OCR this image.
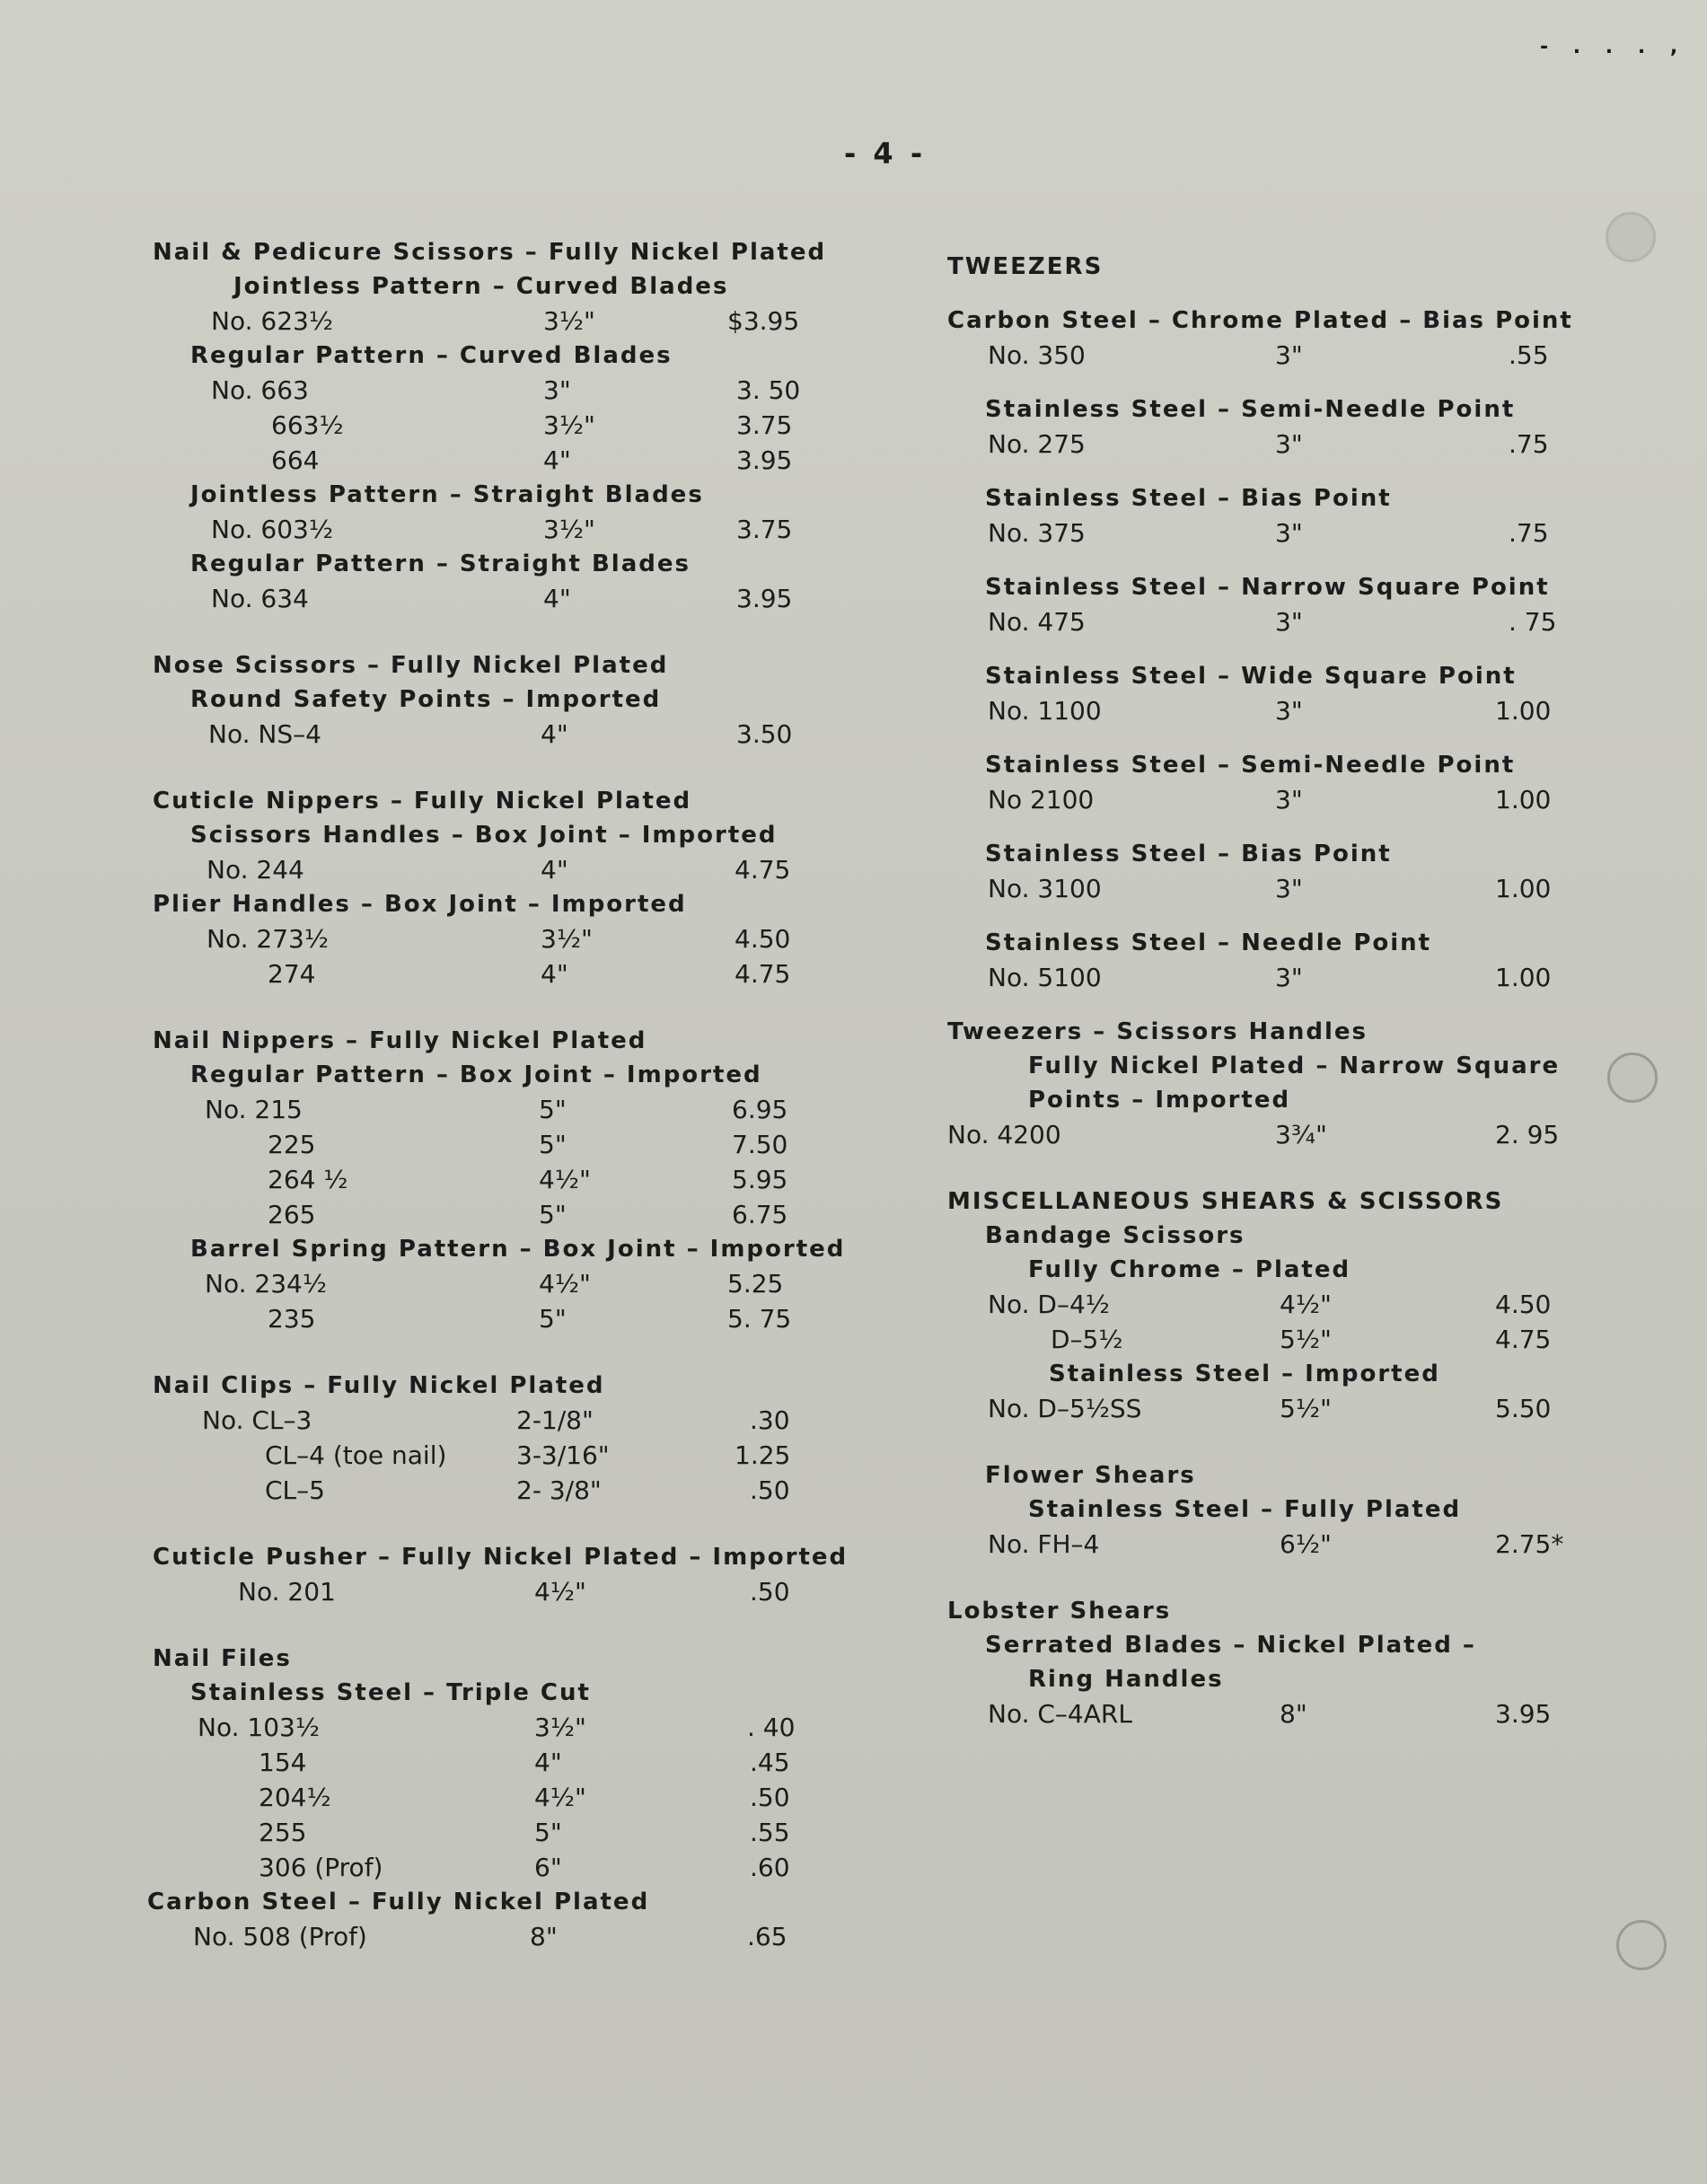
- . . . ,
- 4 -
Nail & Pedicure Scissors – Fully Nickel Plated
Jointless Pattern – Curved Blades
No. 623½	3½"	$3.95
Regular Pattern – Curved Blades
No. 663	3"	3. 50
663½	3½"	3.75
664	4"	3.95
Jointless Pattern – Straight Blades
No. 603½	3½"	3.75
Regular Pattern – Straight Blades
No. 634	4"	3.95
Nose Scissors – Fully Nickel Plated
Round Safety Points – Imported
No. NS–4	4"	3.50
Cuticle Nippers – Fully Nickel Plated
Scissors Handles – Box Joint – Imported
No. 244	4"	4.75
Plier Handles – Box Joint – Imported
No. 273½	3½"	4.50
274	4"	4.75
Nail Nippers – Fully Nickel Plated
Regular Pattern – Box Joint – Imported
No. 215	5"	6.95
225	5"	7.50
264 ½	4½"	5.95
265	5"	6.75
Barrel Spring Pattern – Box Joint – Imported
No. 234½	4½"	5.25
235	5"	5. 75
Nail Clips – Fully Nickel Plated
No. CL–3	2-1/8"	.30
CL–4 (toe nail)	3-3/16"	1.25
CL–5	2- 3/8"	.50
Cuticle Pusher – Fully Nickel Plated – Imported
No. 201	4½"	.50
Nail Files
Stainless Steel – Triple Cut
No. 103½	3½"	. 40
154	4"	.45
204½	4½"	.50
255	5"	.55
306 (Prof)	6"	.60
Carbon Steel – Fully Nickel Plated
No. 508 (Prof)	8"	.65
TWEEZERS
Carbon Steel – Chrome Plated – Bias Point
No. 350	3"	.55
Stainless Steel – Semi-Needle Point
No. 275	3"	.75
Stainless Steel – Bias Point
No. 375	3"	.75
Stainless Steel – Narrow Square Point
No. 475	3"	. 75
Stainless Steel – Wide Square Point
No. 1100	3"	1.00
Stainless Steel – Semi-Needle Point
No 2100	3"	1.00
Stainless Steel – Bias Point
No. 3100	3"	1.00
Stainless Steel – Needle Point
No. 5100	3"	1.00
Tweezers – Scissors Handles
Fully Nickel Plated – Narrow Square
Points – Imported
No. 4200	3¾"	2. 95
MISCELLANEOUS SHEARS & SCISSORS
Bandage Scissors
Fully Chrome – Plated
No. D–4½	4½"	4.50
D–5½	5½"	4.75
Stainless Steel – Imported
No. D–5½SS	5½"	5.50
Flower Shears
Stainless Steel – Fully Plated
No. FH–4	6½"	2.75*
Lobster Shears
Serrated Blades – Nickel Plated –
Ring Handles
No. C–4ARL	8"	3.95
